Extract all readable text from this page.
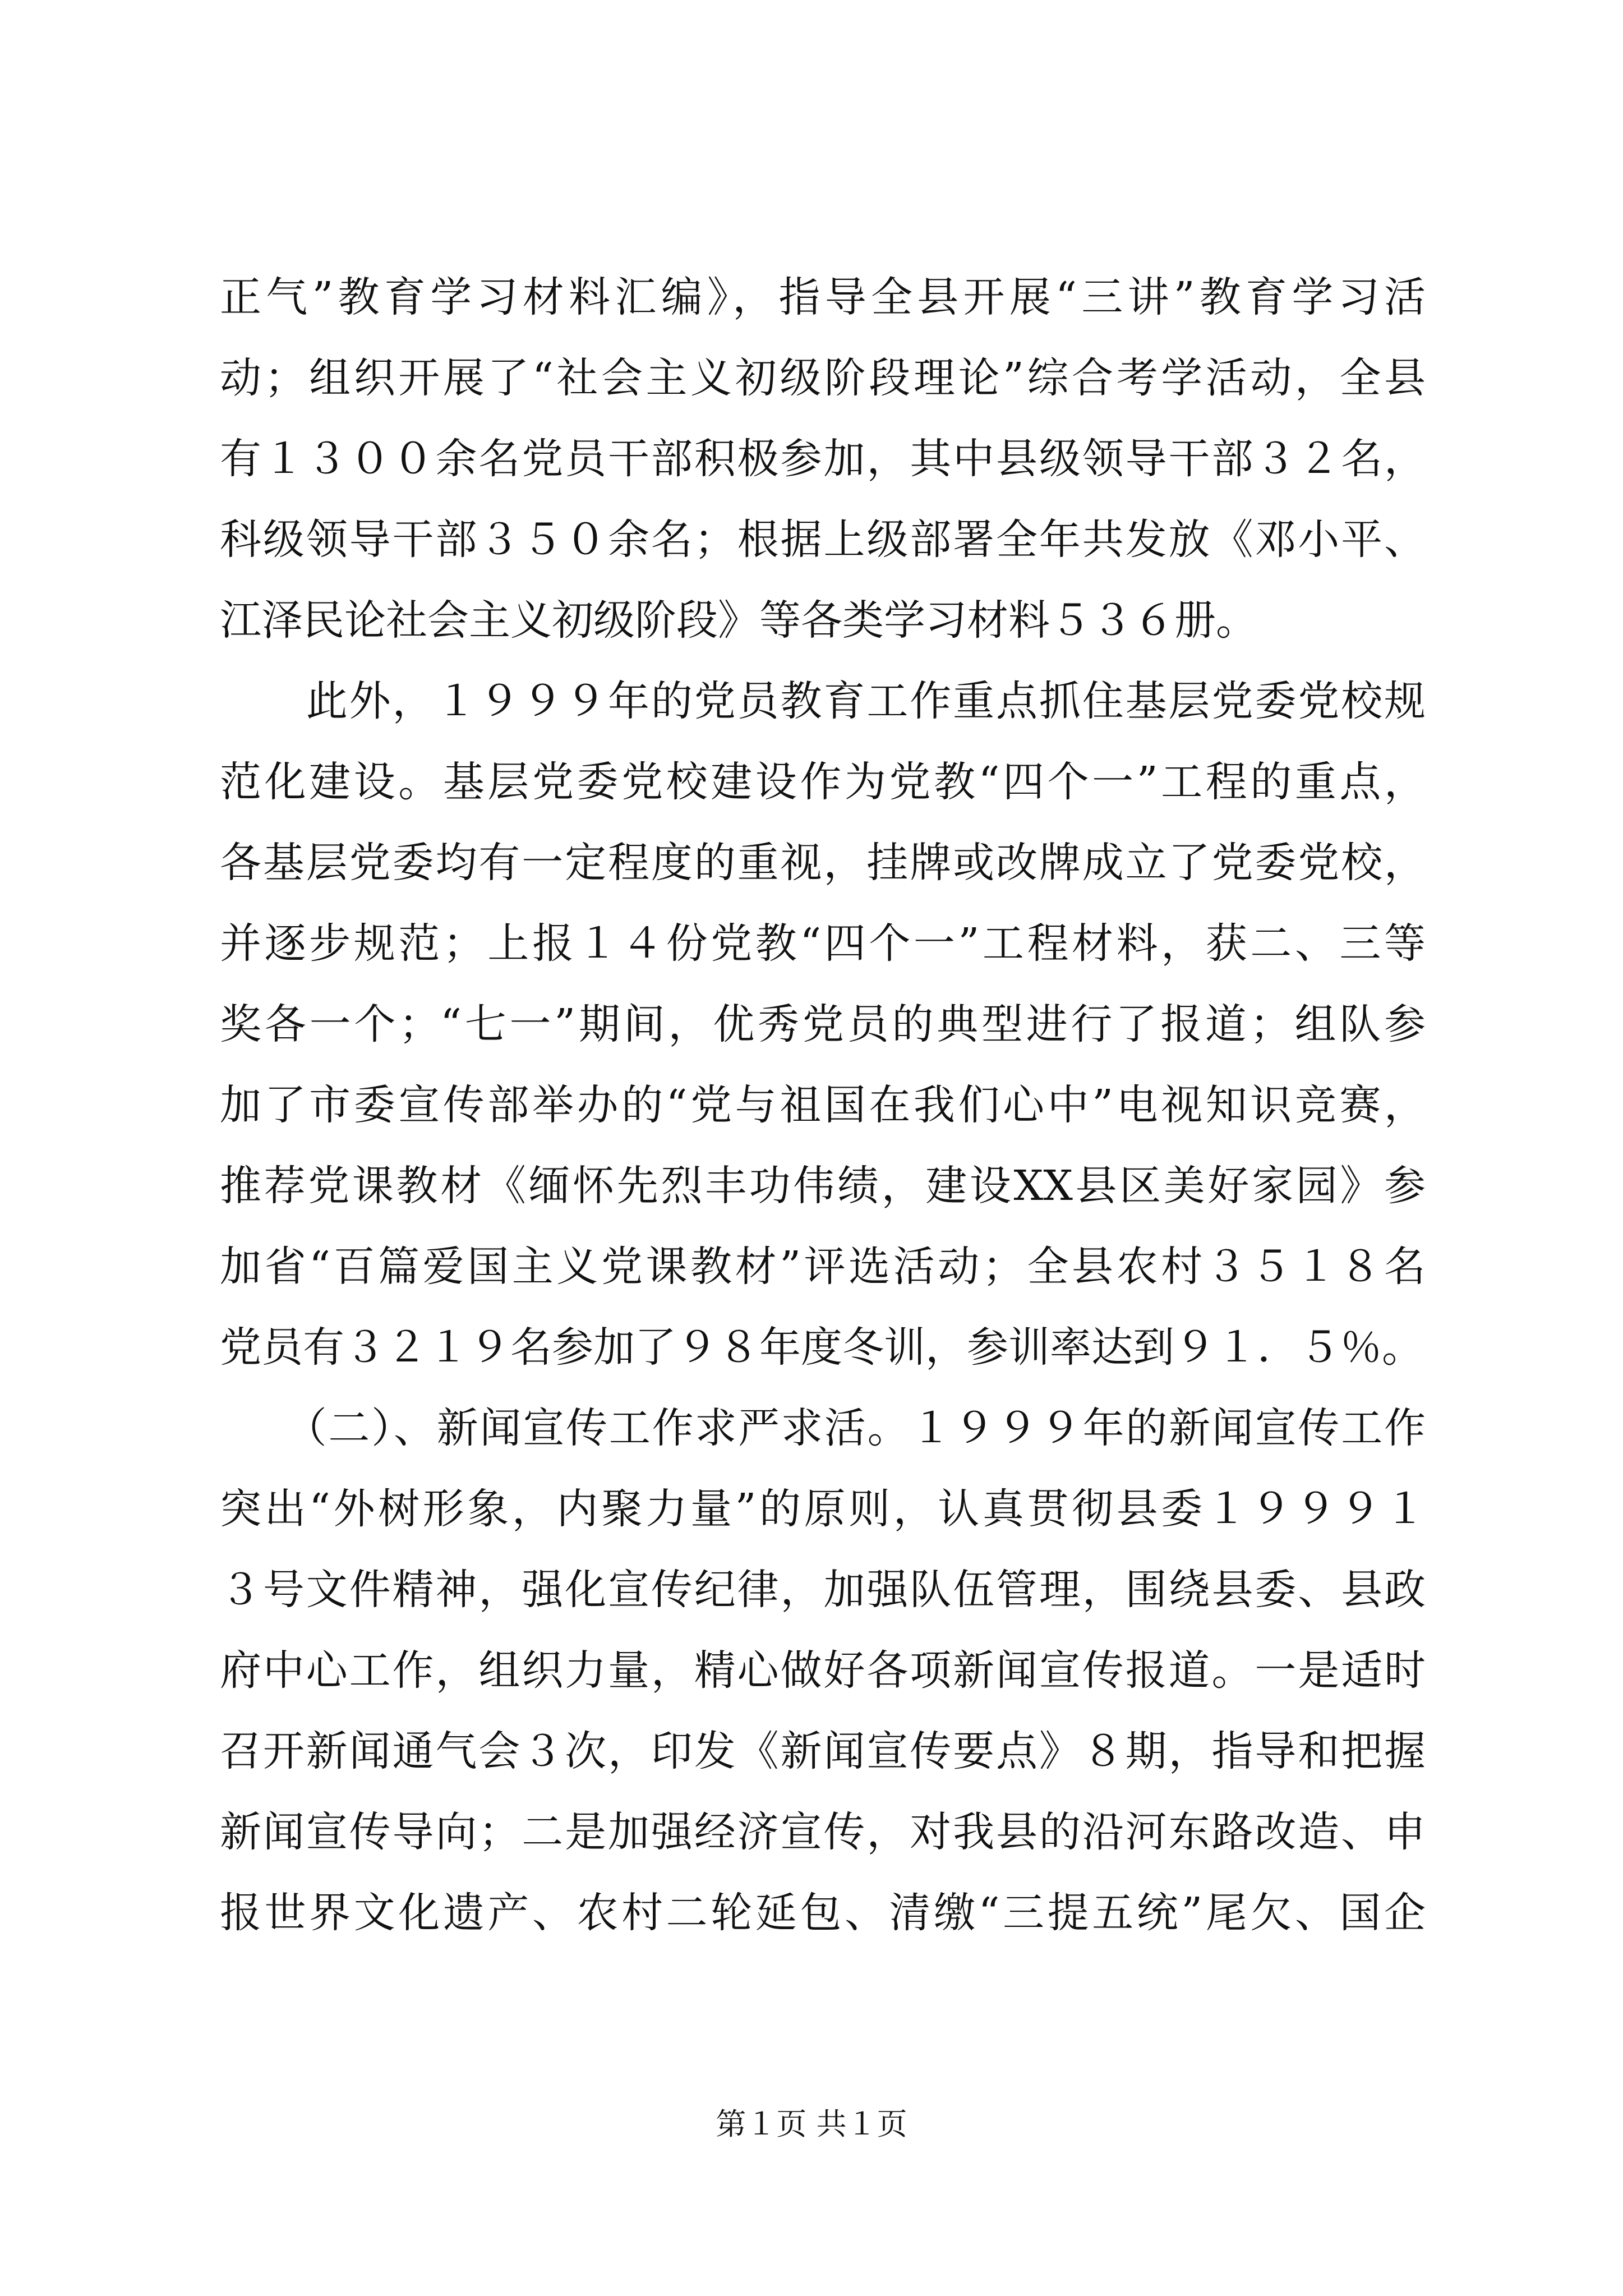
正气”教育学习材料汇编》，指导全县开展“三讲”教育学习活
动；组织开展了“社会主义初级阶段理论”综合考学活动，全县
有１３００余名党员干部积极参加，其中县级领导干部３２名，
科级领导干部３５０余名；根据上级部署全年共发放《邓小平、
江泽民论社会主义初级阶段》等各类学习材料５３６册。
　　此外，１９９９年的党员教育工作重点抓住基层党委党校规
范化建设。基层党委党校建设作为党教“四个一”工程的重点，
各基层党委均有一定程度的重视，挂牌或改牌成立了党委党校，
并逐步规范；上报１４份党教“四个一”工程材料，获二、三等
奖各一个；“七一”期间，优秀党员的典型进行了报道；组队参
加了市委宣传部举办的“党与祖国在我们心中”电视知识竞赛，
推荐党课教材《缅怀先烈丰功伟绩，建设XX县区美好家园》参
加省“百篇爱国主义党课教材”评选活动；全县农村３５１８名
党员有３２１９名参加了９８年度冬训，参训率达到９１．５％。
　　（二）、新闻宣传工作求严求活。１９９９年的新闻宣传工作
突出“外树形象，内聚力量”的原则，认真贯彻县委１９９９１
３号文件精神，强化宣传纪律，加强队伍管理，围绕县委、县政
府中心工作，组织力量，精心做好各项新闻宣传报道。一是适时
召开新闻通气会３次，印发《新闻宣传要点》８期，指导和把握
新闻宣传导向；二是加强经济宣传，对我县的沿河东路改造、申
报世界文化遗产、农村二轮延包、清缴“三提五统”尾欠、国企
第１页 共１页
